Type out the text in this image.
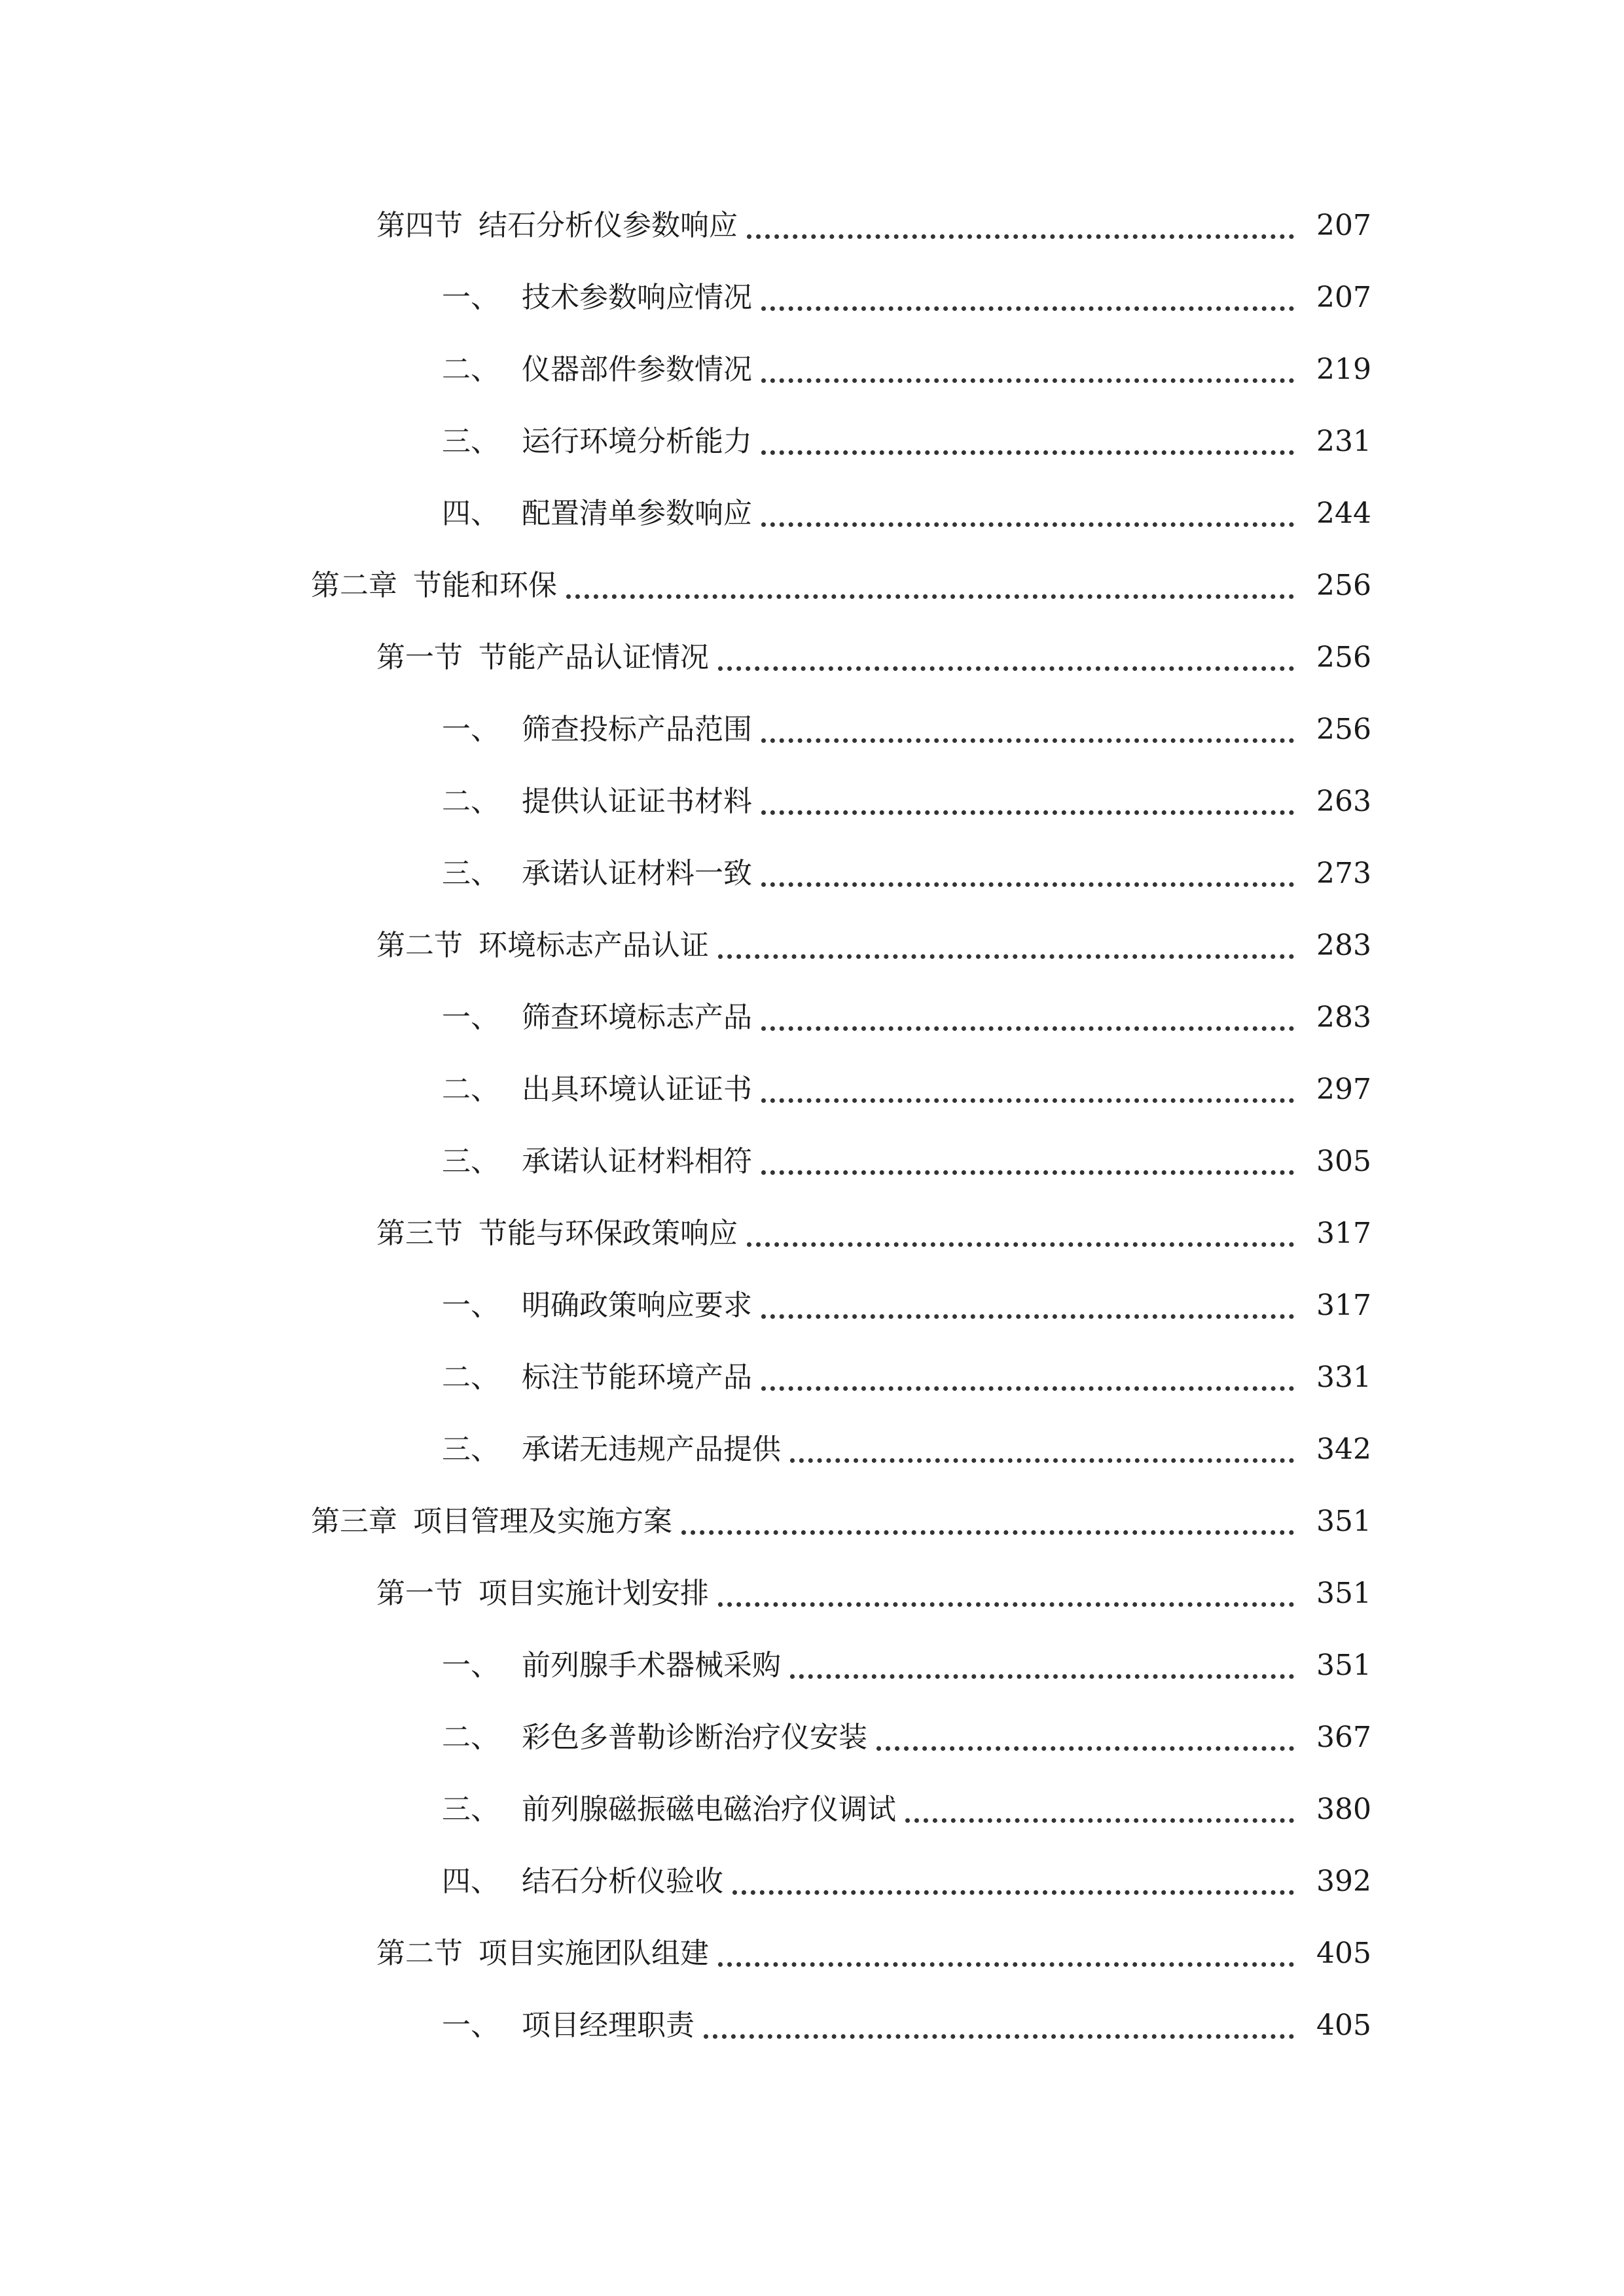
第四节 结石分析仪参数响应	207
一、 技术参数响应情况	207
二、 仪器部件参数情况	219
三、 运行环境分析能力	231
四、 配置清单参数响应	244
第二章 节能和环保	256
第一节 节能产品认证情况	256
一、 筛查投标产品范围	256
二、 提供认证证书材料	263
三、 承诺认证材料一致	273
第二节 环境标志产品认证	283
一、 筛查环境标志产品	283
二、 出具环境认证证书	297
三、 承诺认证材料相符	305
第三节 节能与环保政策响应	317
一、 明确政策响应要求	317
二、 标注节能环境产品	331
三、 承诺无违规产品提供	342
第三章 项目管理及实施方案	351
第一节 项目实施计划安排	351
一、 前列腺手术器械采购	351
二、 彩色多普勒诊断治疗仪安装	367
三、 前列腺磁振磁电磁治疗仪调试	380
四、 结石分析仪验收	392
第二节 项目实施团队组建	405
一、 项目经理职责	405
